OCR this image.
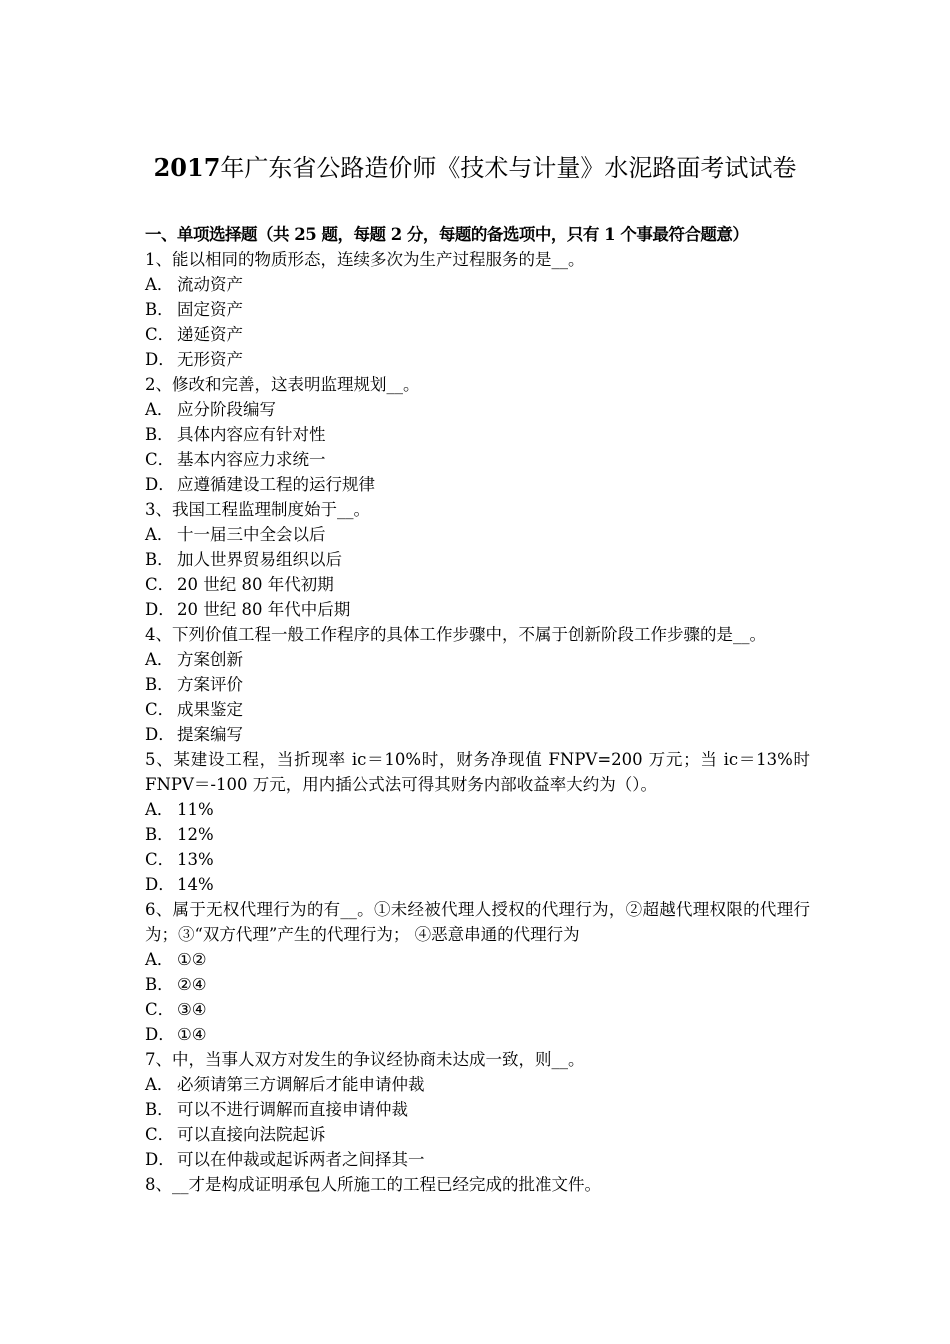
2017年广东省公路造价师《技术与计量》水泥路面考试试卷
一、单项选择题（共 25 题，每题 2 分，每题的备选项中，只有 1 个事最符合题意）
1、能以相同的物质形态，连续多次为生产过程服务的是__。
A． 流动资产
B． 固定资产
C． 递延资产
D． 无形资产
2、修改和完善，这表明监理规划__。
A． 应分阶段编写
B． 具体内容应有针对性
C． 基本内容应力求统一
D． 应遵循建设工程的运行规律
3、我国工程监理制度始于__。
A． 十一届三中全会以后
B． 加人世界贸易组织以后
C． 20 世纪 80 年代初期
D． 20 世纪 80 年代中后期
4、下列价值工程一般工作程序的具体工作步骤中，不属于创新阶段工作步骤的是__。
A． 方案创新
B． 方案评价
C． 成果鉴定
D． 提案编写
5、某建设工程，当折现率 ic＝10%时，财务净现值 FNPV=200 万元；当 ic＝13%时 FNPV＝-100 万元，用内插公式法可得其财务内部收益率大约为（）。
A． 11%
B． 12%
C． 13%
D． 14%
6、属于无权代理行为的有__。①未经被代理人授权的代理行为，②超越代理权限的代理行为；③“双方代理”产生的代理行为； ④恶意串通的代理行为
A． ①②
B． ②④
C． ③④
D． ①④
7、中，当事人双方对发生的争议经协商未达成一致，则__。
A． 必须请第三方调解后才能申请仲裁
B． 可以不进行调解而直接申请仲裁
C． 可以直接向法院起诉
D． 可以在仲裁或起诉两者之间择其一
8、__才是构成证明承包人所施工的工程已经完成的批准文件。
